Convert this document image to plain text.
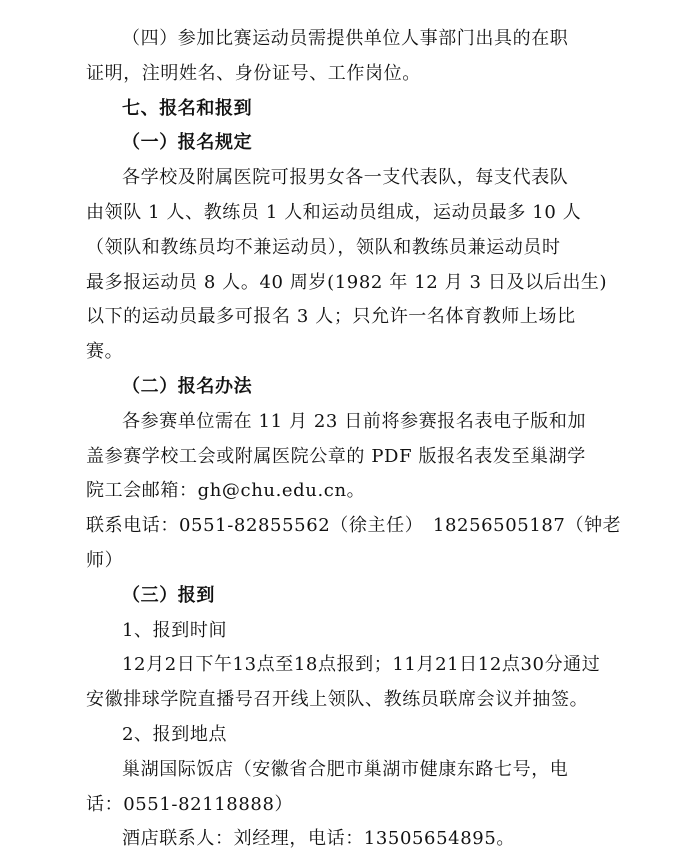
（四）参加比赛运动员需提供单位人事部门出具的在职
证明，注明姓名、身份证号、工作岗位。
七、报名和报到
（一）报名规定
各学校及附属医院可报男女各一支代表队，每支代表队
由领队 1 人、教练员 1 人和运动员组成，运动员最多 10 人
（领队和教练员均不兼运动员），领队和教练员兼运动员时
最多报运动员 8 人。40 周岁(1982 年 12 月 3 日及以后出生)
以下的运动员最多可报名 3 人；只允许一名体育教师上场比
赛。
（二）报名办法
各参赛单位需在 11 月 23 日前将参赛报名表电子版和加
盖参赛学校工会或附属医院公章的 PDF 版报名表发至巢湖学
院工会邮箱：gh@chu.edu.cn。
联系电话：0551-82855562（徐主任）　18256505187（钟老
师）
（三）报到
1、报到时间
12月2日下午13点至18点报到；11月21日12点30分通过
安徽排球学院直播号召开线上领队、教练员联席会议并抽签。
2、报到地点
巢湖国际饭店（安徽省合肥市巢湖市健康东路七号，电
话：0551-82118888）
酒店联系人：刘经理，电话：13505654895。
